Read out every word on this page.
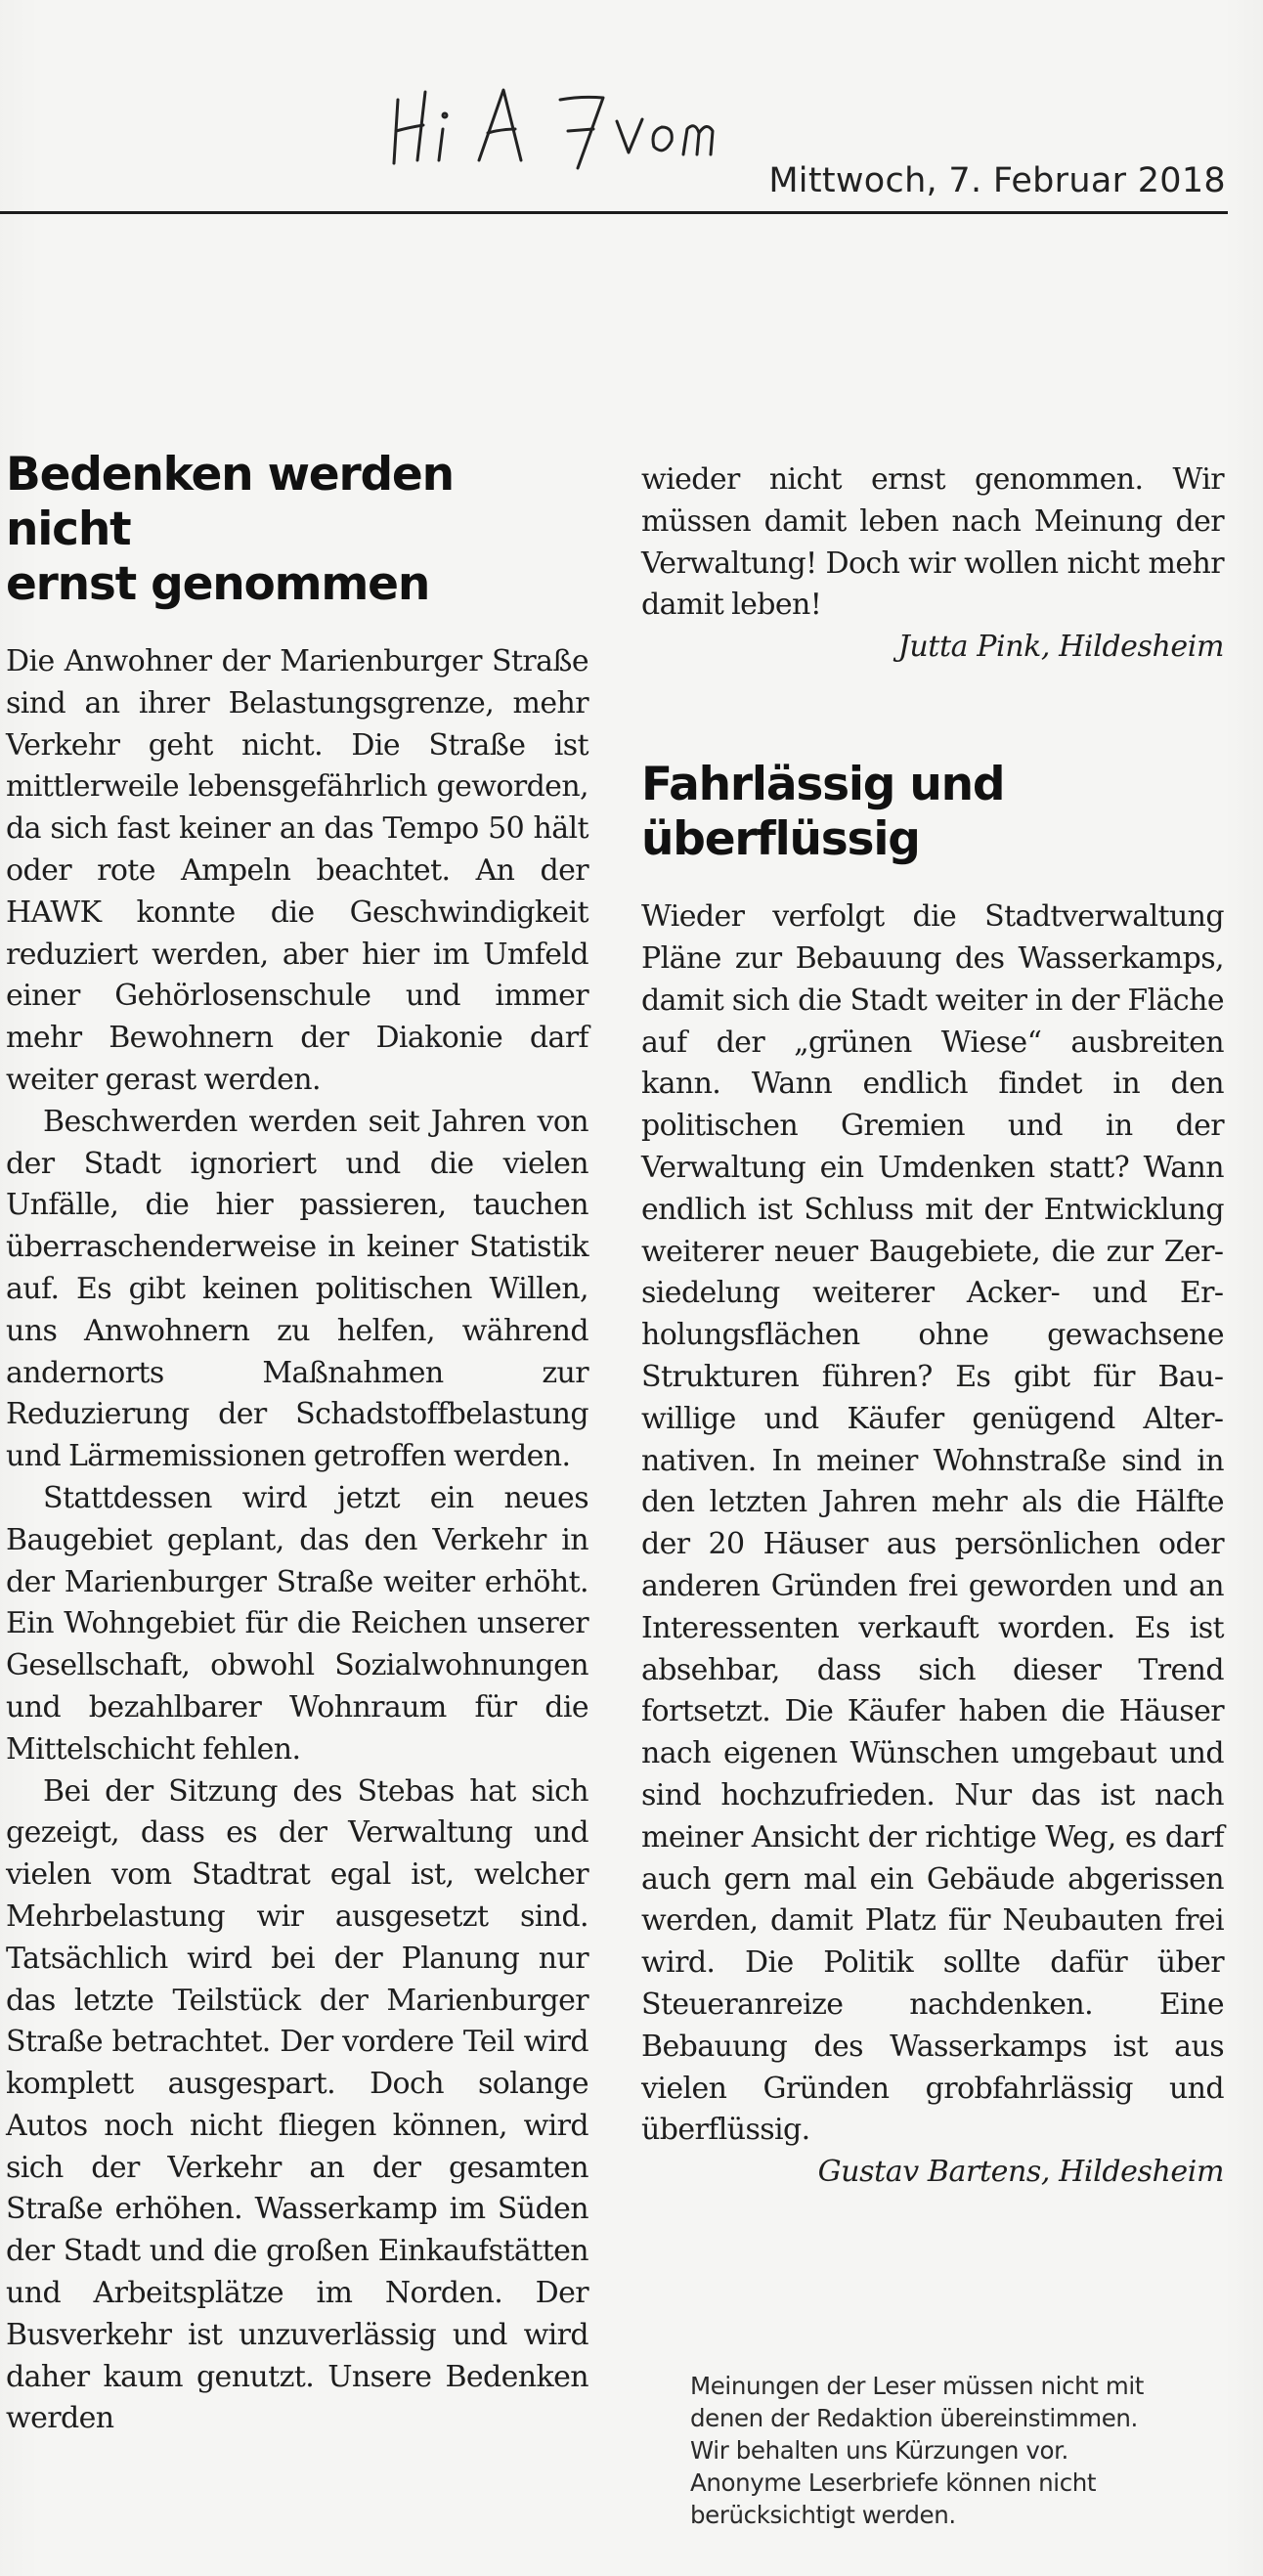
Mittwoch, 7. Februar 2018
Bedenken werden nicht
ernst genommen

Die Anwohner der Marienburger Straße sind an ihrer Belastungsgrenze, mehr Verkehr geht nicht. Die Straße ist mittlerweile lebensgefährlich geworden, da sich fast keiner an das Tempo 50 hält oder rote Ampeln beachtet. An der HAWK konnte die Geschwindigkeit reduziert werden, aber hier im Umfeld einer Gehörlosenschule und immer mehr Bewohnern der Diakonie darf weiter gerast werden.

Beschwerden werden seit Jahren von der Stadt ignoriert und die vielen Unfälle, die hier passieren, tauchen überraschenderweise in keiner Statistik auf. Es gibt keinen politischen Willen, uns Anwohnern zu helfen, während andernorts Maßnahmen zur Reduzierung der Schadstoffbelastung und Lärmemissionen getroffen werden.

Stattdessen wird jetzt ein neues Baugebiet geplant, das den Verkehr in der Marienburger Straße weiter erhöht. Ein Wohngebiet für die Reichen unserer Gesellschaft, obwohl Sozialwohnungen und bezahlbarer Wohnraum für die Mittelschicht fehlen.

Bei der Sitzung des Stebas hat sich gezeigt, dass es der Verwaltung und vielen vom Stadtrat egal ist, welcher Mehrbelastung wir ausgesetzt sind. Tatsächlich wird bei der Planung nur das letzte Teilstück der Marienburger Straße betrachtet. Der vordere Teil wird komplett ausgespart. Doch solange Autos noch nicht fliegen können, wird sich der Verkehr an der gesamten Straße erhöhen. Wasserkamp im Süden der Stadt und die großen Einkaufstätten und Arbeitsplätze im Norden. Der Busverkehr ist unzuverlässig und wird daher kaum genutzt. Unsere Bedenken werden

wieder nicht ernst genommen. Wir müssen damit leben nach Meinung der Verwaltung! Doch wir wollen nicht mehr damit leben!

Jutta Pink, Hildesheim
Fahrlässig und
überflüssig

Wieder verfolgt die Stadtverwaltung Pläne zur Bebauung des Wasserkamps, damit sich die Stadt weiter in der Fläche auf der „grünen Wiese“ ausbreiten kann. Wann endlich findet in den politischen Gremien und in der Verwaltung ein Umdenken statt? Wann endlich ist Schluss mit der Entwicklung weiterer neuer Baugebiete, die zur Zersiedelung weiterer Acker- und Erholungsflächen ohne gewachsene Strukturen führen? Es gibt für Bauwillige und Käufer genügend Alternativen. In meiner Wohnstraße sind in den letzten Jahren mehr als die Hälfte der 20 Häuser aus persönlichen oder anderen Gründen frei geworden und an Interessenten verkauft worden. Es ist absehbar, dass sich dieser Trend fortsetzt. Die Käufer haben die Häuser nach eigenen Wünschen umgebaut und sind hochzufrieden. Nur das ist nach meiner Ansicht der richtige Weg, es darf auch gern mal ein Gebäude abgerissen werden, damit Platz für Neubauten frei wird. Die Politik sollte dafür über Steueranreize nachdenken. Eine Bebauung des Wasserkamps ist aus vielen Gründen grobfahrlässig und überflüssig.

Gustav Bartens, Hildesheim
Meinungen der Leser müssen nicht mit
denen der Redaktion übereinstimmen.
Wir behalten uns Kürzungen vor.
Anonyme Leserbriefe können nicht
berücksichtigt werden.
